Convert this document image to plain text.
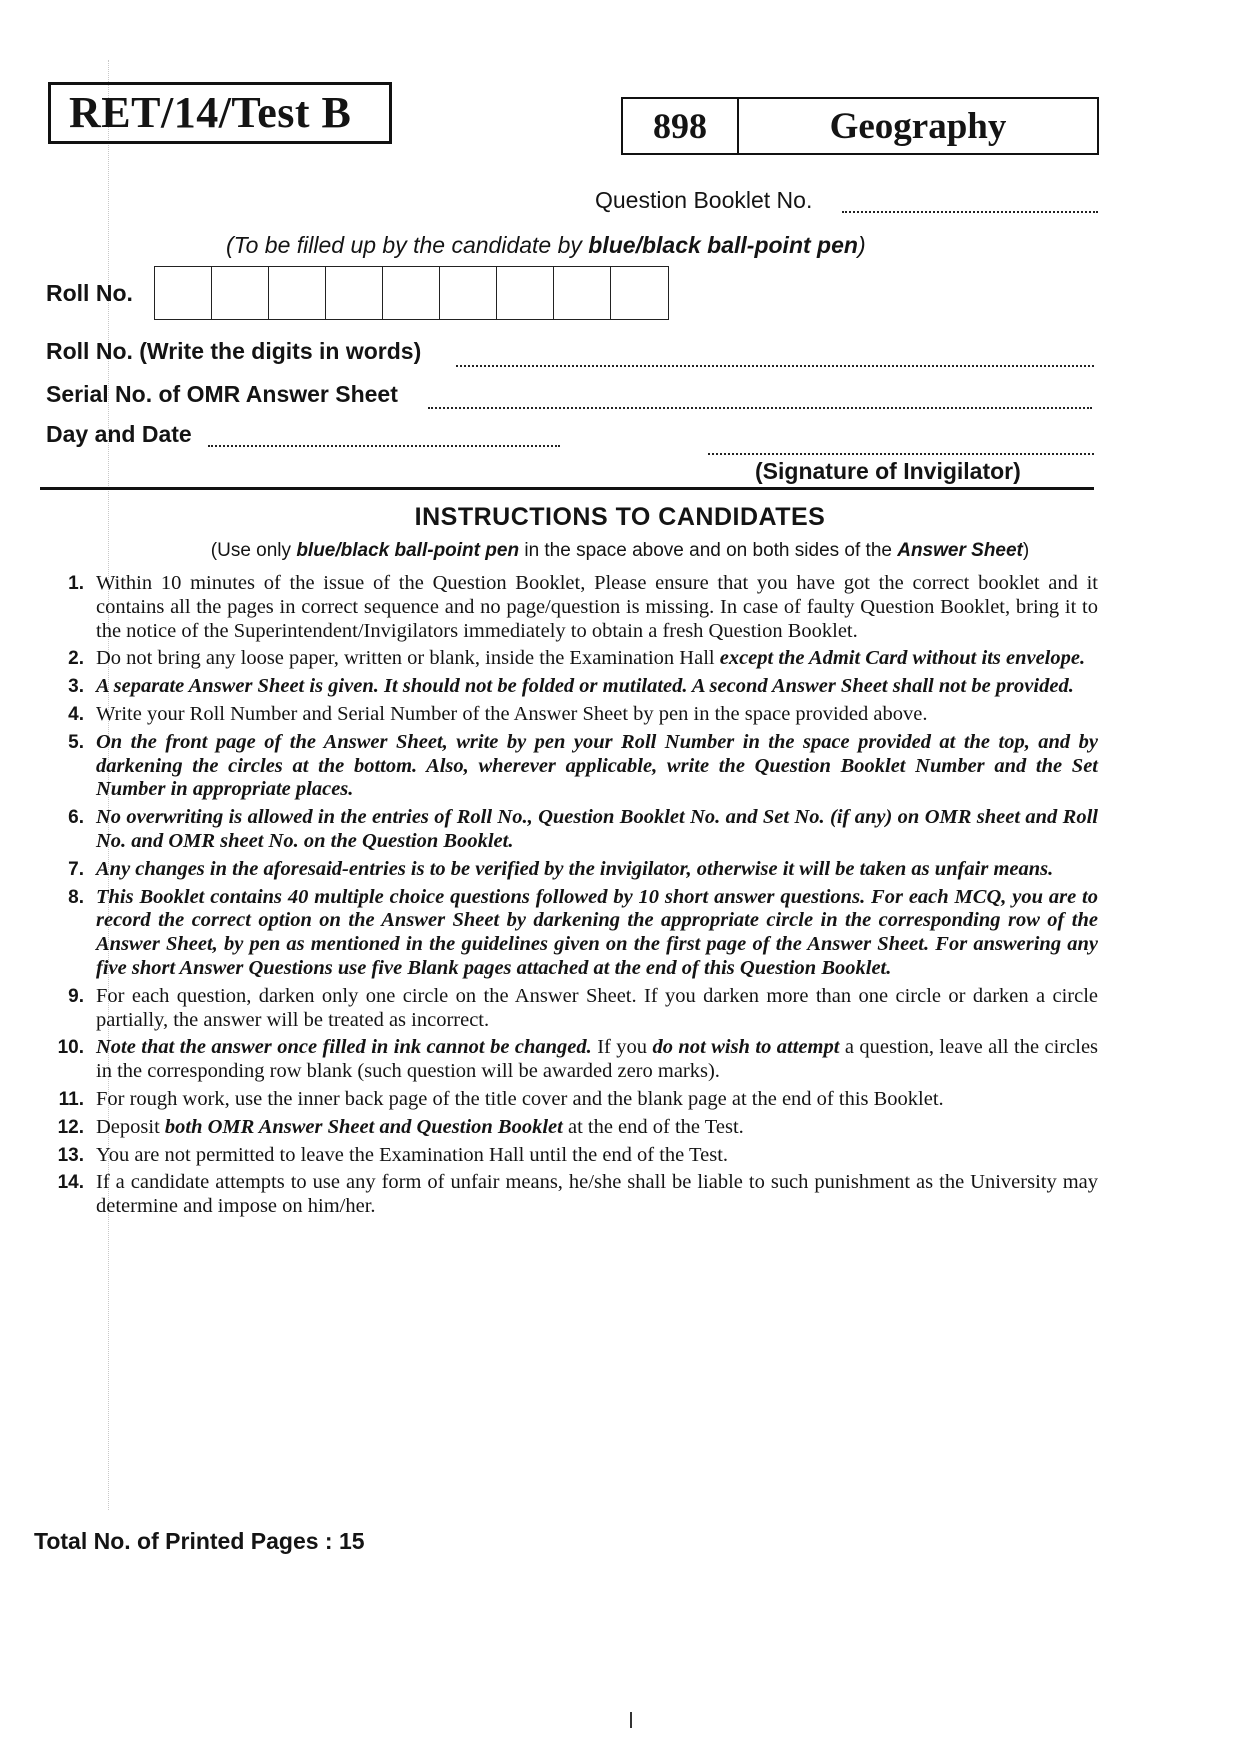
RET/14/Test B	898	Geography
Question Booklet No.
(To be filled up by the candidate by blue/black ball-point pen)
Roll No.
Roll No. (Write the digits in words)
Serial No. of OMR Answer Sheet
Day and Date
(Signature of Invigilator)
INSTRUCTIONS TO CANDIDATES
(Use only blue/black ball-point pen in the space above and on both sides of the Answer Sheet)
1. Within 10 minutes of the issue of the Question Booklet, Please ensure that you have got the correct booklet and it contains all the pages in correct sequence and no page/question is missing. In case of faulty Question Booklet, bring it to the notice of the Superintendent/Invigilators immediately to obtain a fresh Question Booklet.
2. Do not bring any loose paper, written or blank, inside the Examination Hall except the Admit Card without its envelope.
3. A separate Answer Sheet is given. It should not be folded or mutilated. A second Answer Sheet shall not be provided.
4. Write your Roll Number and Serial Number of the Answer Sheet by pen in the space provided above.
5. On the front page of the Answer Sheet, write by pen your Roll Number in the space provided at the top, and by darkening the circles at the bottom. Also, wherever applicable, write the Question Booklet Number and the Set Number in appropriate places.
6. No overwriting is allowed in the entries of Roll No., Question Booklet No. and Set No. (if any) on OMR sheet and Roll No. and OMR sheet No. on the Question Booklet.
7. Any changes in the aforesaid-entries is to be verified by the invigilator, otherwise it will be taken as unfair means.
8. This Booklet contains 40 multiple choice questions followed by 10 short answer questions. For each MCQ, you are to record the correct option on the Answer Sheet by darkening the appropriate circle in the corresponding row of the Answer Sheet, by pen as mentioned in the guidelines given on the first page of the Answer Sheet. For answering any five short Answer Questions use five Blank pages attached at the end of this Question Booklet.
9. For each question, darken only one circle on the Answer Sheet. If you darken more than one circle or darken a circle partially, the answer will be treated as incorrect.
10. Note that the answer once filled in ink cannot be changed. If you do not wish to attempt a question, leave all the circles in the corresponding row blank (such question will be awarded zero marks).
11. For rough work, use the inner back page of the title cover and the blank page at the end of this Booklet.
12. Deposit both OMR Answer Sheet and Question Booklet at the end of the Test.
13. You are not permitted to leave the Examination Hall until the end of the Test.
14. If a candidate attempts to use any form of unfair means, he/she shall be liable to such punishment as the University may determine and impose on him/her.
Total No. of Printed Pages : 15
